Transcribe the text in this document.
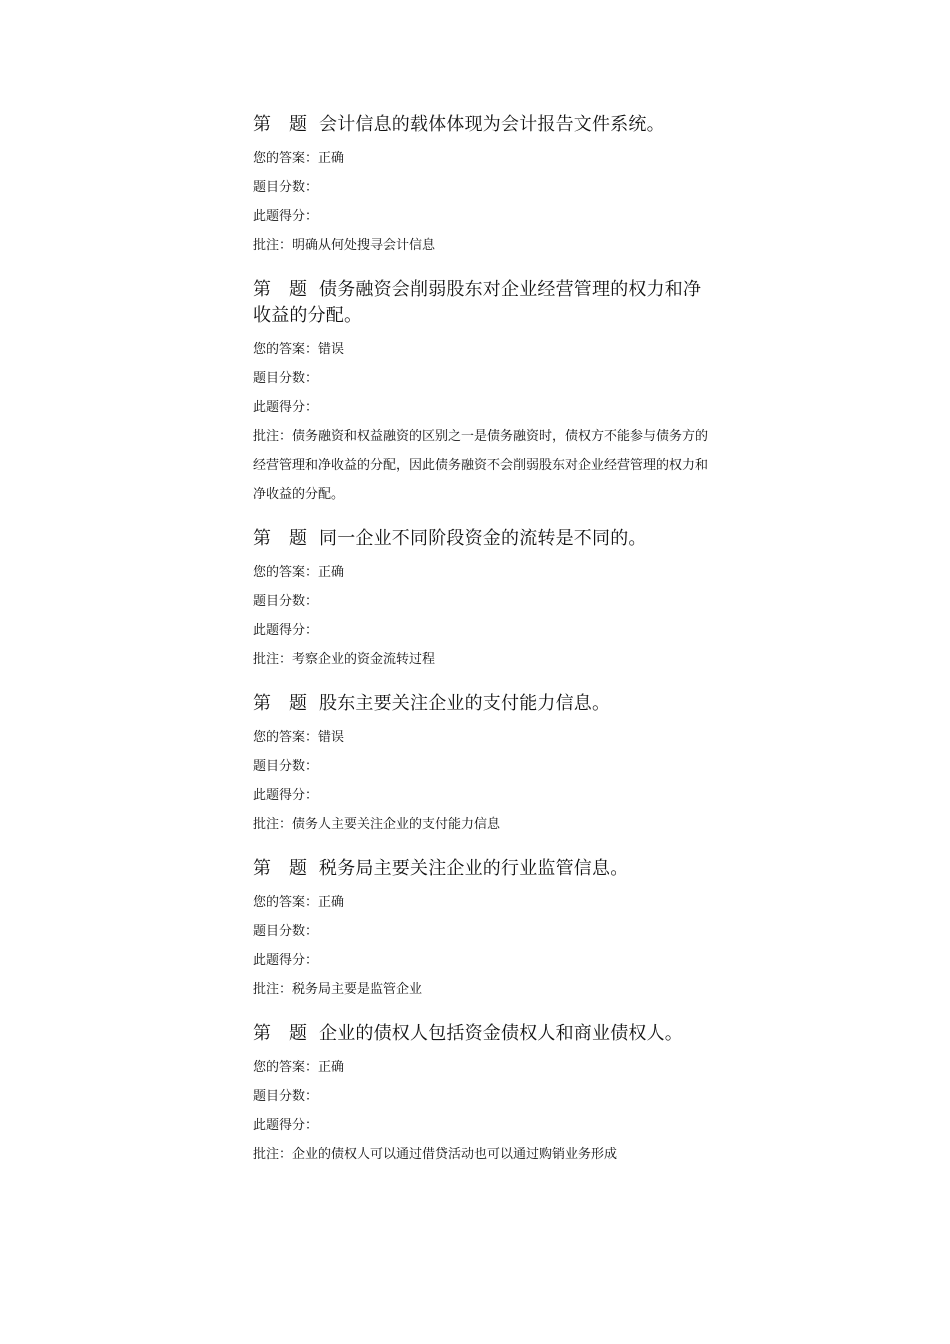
第 题 会计信息的载体体现为会计报告文件系统。
您的答案：正确
题目分数：
此题得分：
批注：明确从何处搜寻会计信息
第 题 债务融资会削弱股东对企业经营管理的权力和净收益的分配。
您的答案：错误
题目分数：
此题得分：
批注：债务融资和权益融资的区别之一是债务融资时，债权方不能参与债务方的经营管理和净收益的分配，因此债务融资不会削弱股东对企业经营管理的权力和净收益的分配。
第 题 同一企业不同阶段资金的流转是不同的。
您的答案：正确
题目分数：
此题得分：
批注：考察企业的资金流转过程
第 题 股东主要关注企业的支付能力信息。
您的答案：错误
题目分数：
此题得分：
批注：债务人主要关注企业的支付能力信息
第 题 税务局主要关注企业的行业监管信息。
您的答案：正确
题目分数：
此题得分：
批注：税务局主要是监管企业
第 题 企业的债权人包括资金债权人和商业债权人。
您的答案：正确
题目分数：
此题得分：
批注：企业的债权人可以通过借贷活动也可以通过购销业务形成
